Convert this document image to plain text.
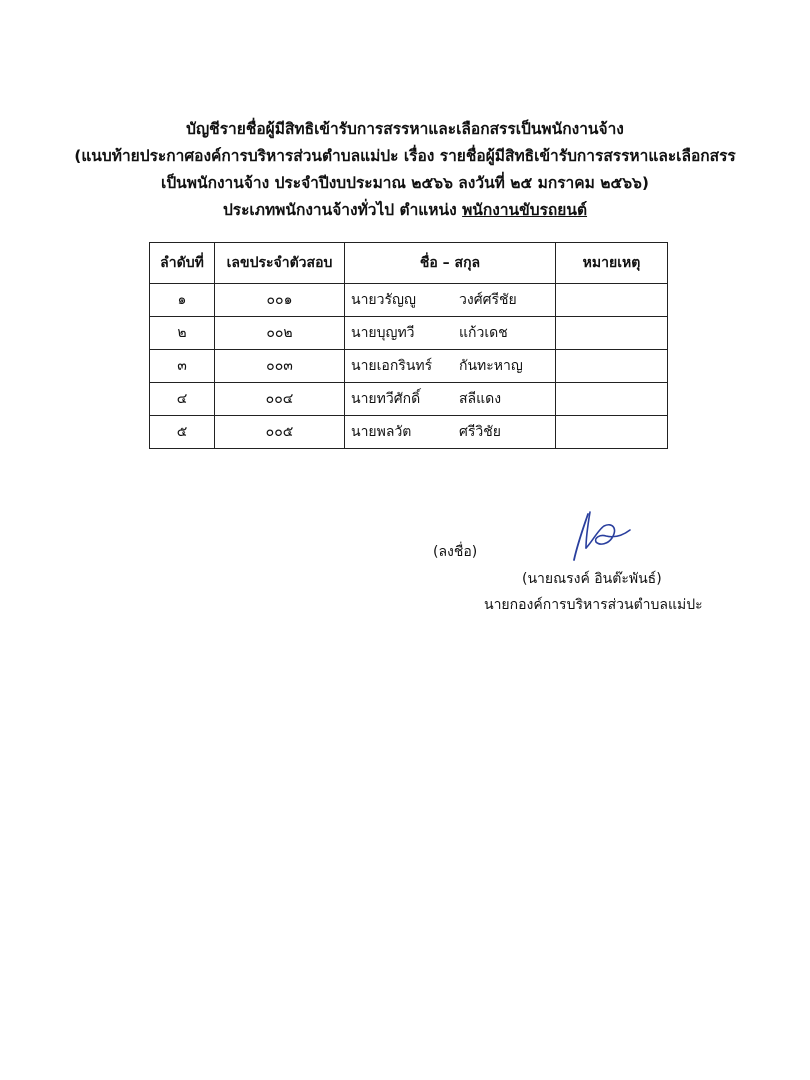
บัญชีรายชื่อผู้มีสิทธิเข้ารับการสรรหาและเลือกสรรเป็นพนักงานจ้าง
(แนบท้ายประกาศองค์การบริหารส่วนตำบลแม่ปะ เรื่อง รายชื่อผู้มีสิทธิเข้ารับการสรรหาและเลือกสรร
เป็นพนักงานจ้าง ประจำปีงบประมาณ ๒๕๖๖ ลงวันที่ ๒๕ มกราคม ๒๕๖๖)
ประเภทพนักงานจ้างทั่วไป ตำแหน่ง พนักงานขับรถยนต์
ลำดับที่	เลขประจำตัวสอบ	ชื่อ – สกุล	หมายเหตุ
๑	๐๐๑	นายวรัญญู วงศ์ศรีชัย	

๒	๐๐๒	นายบุญทวี แก้วเดช	

๓	๐๐๓	นายเอกรินทร์ กันทะหาญ	

๔	๐๐๔	นายทวีศักดิ์ สลีแดง	

๕	๐๐๕	นายพลวัต ศรีวิชัย	

(ลงชื่อ)
(นายณรงค์ อินต๊ะพันธ์)
นายกองค์การบริหารส่วนตำบลแม่ปะ
